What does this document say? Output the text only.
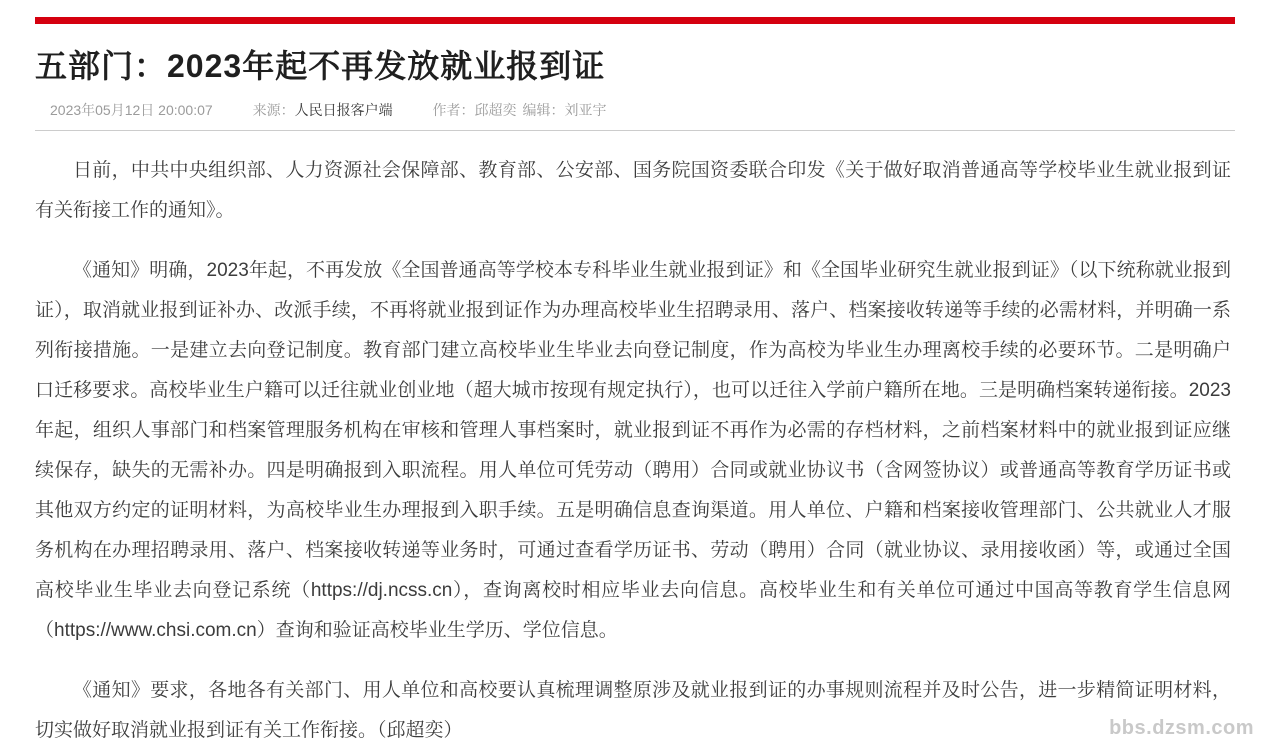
五部门：2023年起不再发放就业报到证
2023年05月12日 20:00:07	来源：人民日报客户端	作者：邱超奕 编辑：刘亚宇

日前，中共中央组织部、人力资源社会保障部、教育部、公安部、国务院国资委联合印发《关于做好取消普通高等学校毕业生就业报到证有关衔接工作的通知》。

《通知》明确，2023年起，不再发放《全国普通高等学校本专科毕业生就业报到证》和《全国毕业研究生就业报到证》（以下统称就业报到证），取消就业报到证补办、改派手续，不再将就业报到证作为办理高校毕业生招聘录用、落户、档案接收转递等手续的必需材料，并明确一系列衔接措施。一是建立去向登记制度。教育部门建立高校毕业生毕业去向登记制度，作为高校为毕业生办理离校手续的必要环节。二是明确户口迁移要求。高校毕业生户籍可以迁往就业创业地（超大城市按现有规定执行），也可以迁往入学前户籍所在地。三是明确档案转递衔接。2023年起，组织人事部门和档案管理服务机构在审核和管理人事档案时，就业报到证不再作为必需的存档材料，之前档案材料中的就业报到证应继续保存，缺失的无需补办。四是明确报到入职流程。用人单位可凭劳动（聘用）合同或就业协议书（含网签协议）或普通高等教育学历证书或其他双方约定的证明材料，为高校毕业生办理报到入职手续。五是明确信息查询渠道。用人单位、户籍和档案接收管理部门、公共就业人才服务机构在办理招聘录用、落户、档案接收转递等业务时，可通过查看学历证书、劳动（聘用）合同（就业协议、录用接收函）等，或通过全国高校毕业生毕业去向登记系统（https://dj.ncss.cn），查询离校时相应毕业去向信息。高校毕业生和有关单位可通过中国高等教育学生信息网（https://www.chsi.com.cn）查询和验证高校毕业生学历、学位信息。

《通知》要求，各地各有关部门、用人单位和高校要认真梳理调整原涉及就业报到证的办事规则流程并及时公告，进一步精简证明材料，切实做好取消就业报到证有关工作衔接。（邱超奕）	bbs.dzsm.com
